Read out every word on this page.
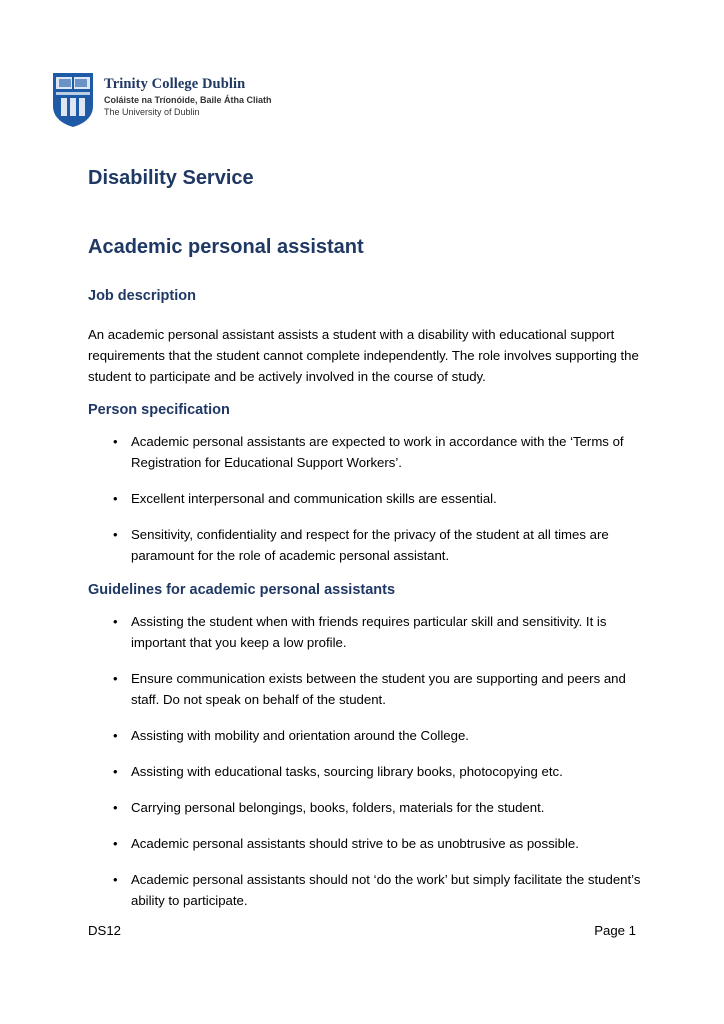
Trinity College Dublin
Coláiste na Tríonóide, Baile Átha Cliath
The University of Dublin
Disability Service
Academic personal assistant
Job description
An academic personal assistant assists a student with a disability with educational support requirements that the student cannot complete independently. The role involves supporting the student to participate and be actively involved in the course of study.
Person specification
• Academic personal assistants are expected to work in accordance with the ‘Terms of Registration for Educational Support Workers’.
• Excellent interpersonal and communication skills are essential.
• Sensitivity, confidentiality and respect for the privacy of the student at all times are paramount for the role of academic personal assistant.
Guidelines for academic personal assistants
• Assisting the student when with friends requires particular skill and sensitivity. It is important that you keep a low profile.
• Ensure communication exists between the student you are supporting and peers and staff. Do not speak on behalf of the student.
• Assisting with mobility and orientation around the College.
• Assisting with educational tasks, sourcing library books, photocopying etc.
• Carrying personal belongings, books, folders, materials for the student.
• Academic personal assistants should strive to be as unobtrusive as possible.
• Academic personal assistants should not ‘do the work’ but simply facilitate the student’s ability to participate.
DS12	Page 1
